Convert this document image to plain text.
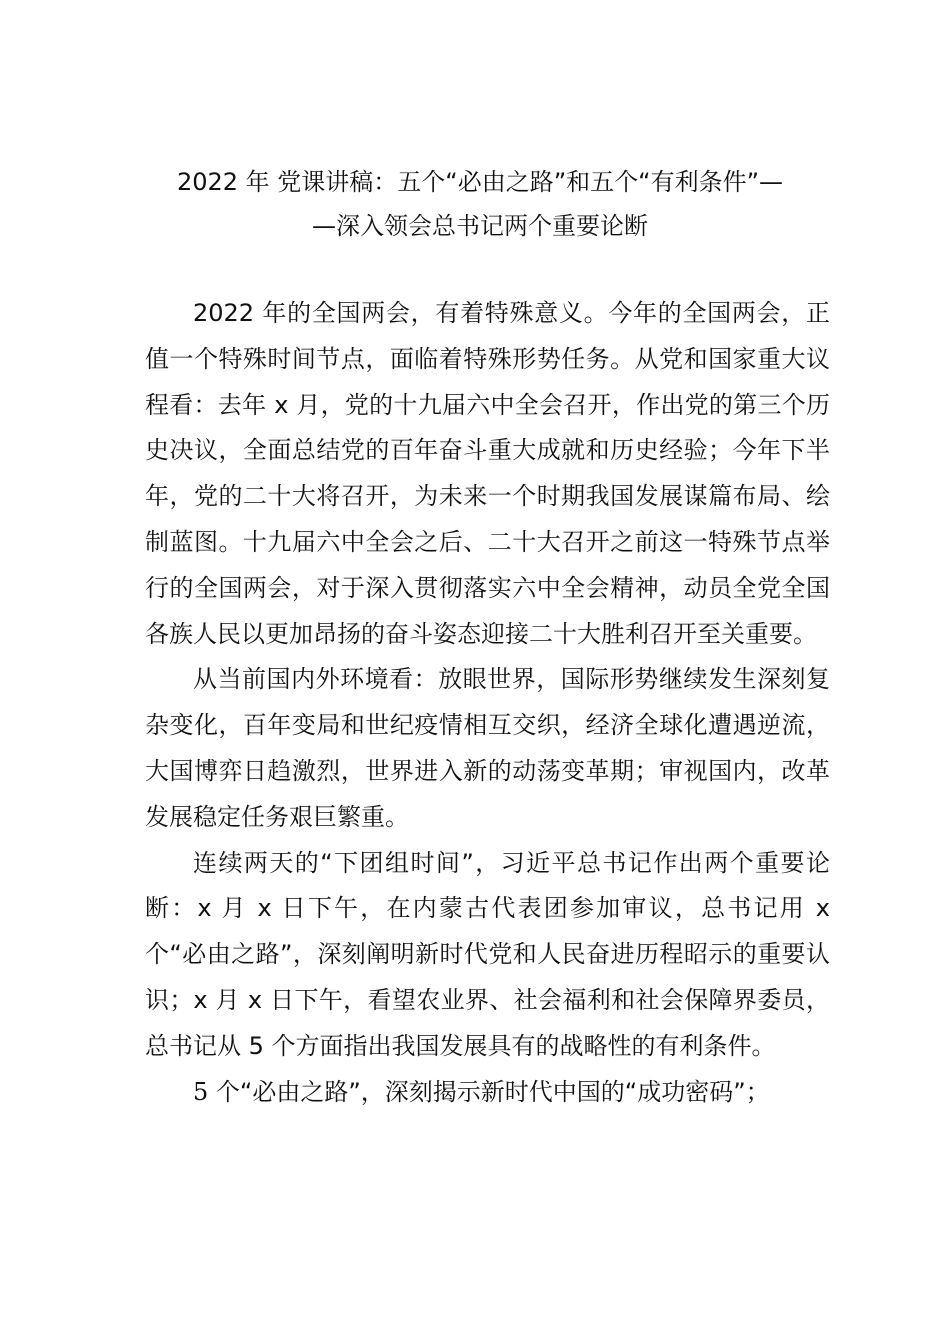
2022 年 党课讲稿：五个“必由之路”和五个“有利条件”—
—深入领会总书记两个重要论断

2022 年的全国两会，有着特殊意义。今年的全国两会，正值一个特殊时间节点，面临着特殊形势任务。从党和国家重大议程看：去年 x 月，党的十九届六中全会召开，作出党的第三个历史决议，全面总结党的百年奋斗重大成就和历史经验；今年下半年，党的二十大将召开，为未来一个时期我国发展谋篇布局、绘制蓝图。十九届六中全会之后、二十大召开之前这一特殊节点举行的全国两会，对于深入贯彻落实六中全会精神，动员全党全国各族人民以更加昂扬的奋斗姿态迎接二十大胜利召开至关重要。

从当前国内外环境看：放眼世界，国际形势继续发生深刻复杂变化，百年变局和世纪疫情相互交织，经济全球化遭遇逆流，大国博弈日趋激烈，世界进入新的动荡变革期；审视国内，改革发展稳定任务艰巨繁重。

连续两天的“下团组时间”，习近平总书记作出两个重要论断：x 月 x 日下午，在内蒙古代表团参加审议，总书记用 x 个“必由之路”，深刻阐明新时代党和人民奋进历程昭示的重要认识；x 月 x 日下午，看望农业界、社会福利和社会保障界委员，总书记从 5 个方面指出我国发展具有的战略性的有利条件。

5 个“必由之路”，深刻揭示新时代中国的“成功密码”；
